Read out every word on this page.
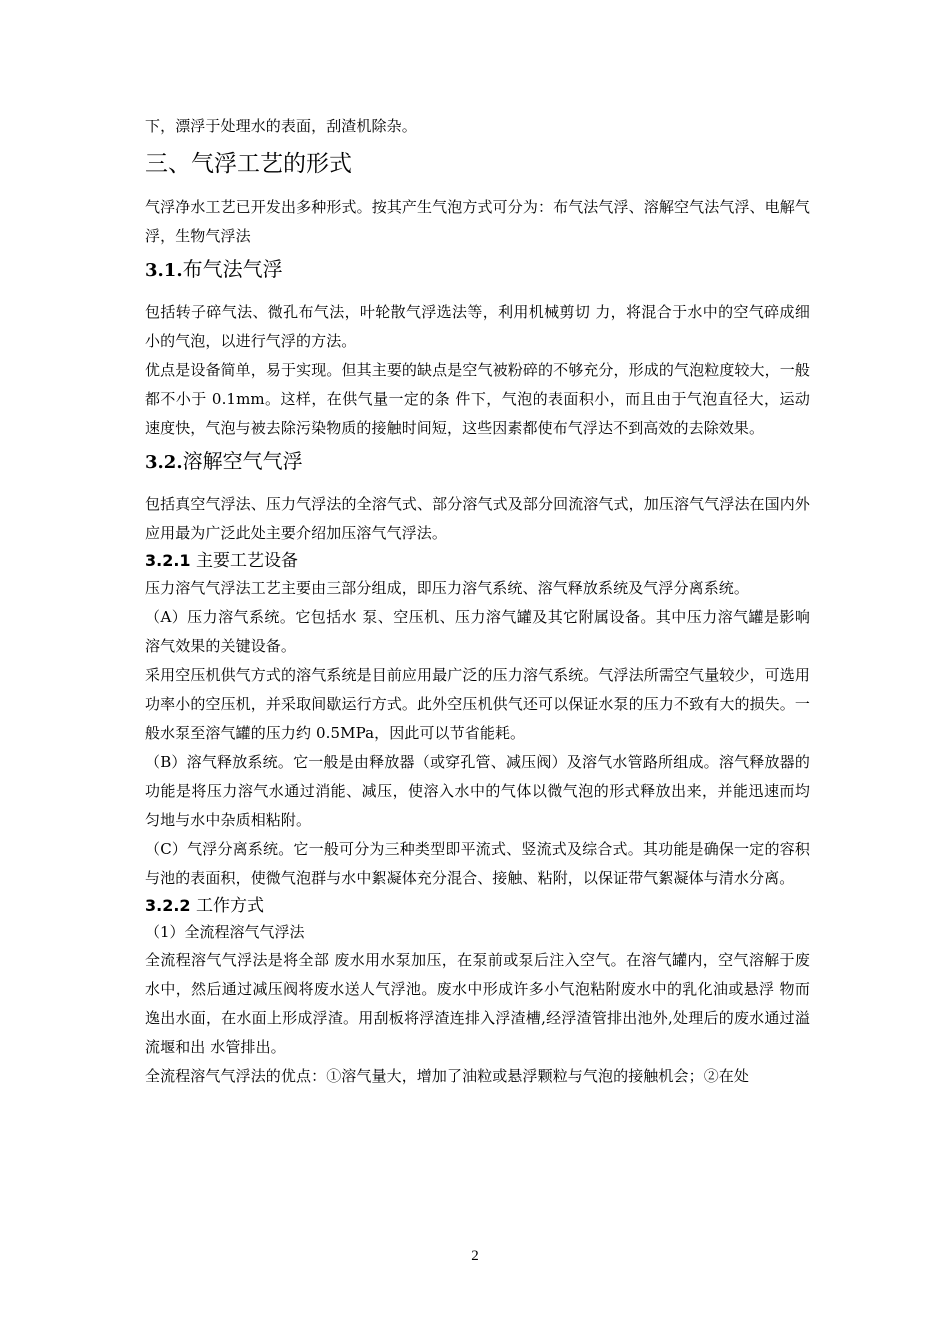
下，漂浮于处理水的表面，刮渣机除杂。

三、气浮工艺的形式

气浮净水工艺已开发出多种形式。按其产生气泡方式可分为：布气法气浮、溶解空气法气浮、电解气浮，生物气浮法

3.1.布气法气浮

包括转子碎气法、微孔布气法，叶轮散气浮选法等，利用机械剪切 力，将混合于水中的空气碎成细小的气泡，以进行气浮的方法。

优点是设备简单，易于实现。但其主要的缺点是空气被粉碎的不够充分，形成的气泡粒度较大，一般都不小于 0.1mm。这样，在供气量一定的条 件下，气泡的表面积小，而且由于气泡直径大，运动速度快，气泡与被去除污染物质的接触时间短，这些因素都使布气浮达不到高效的去除效果。

3.2.溶解空气气浮

包括真空气浮法、压力气浮法的全溶气式、部分溶气式及部分回流溶气式，加压溶气气浮法在国内外应用最为广泛此处主要介绍加压溶气气浮法。

3.2.1 主要工艺设备

压力溶气气浮法工艺主要由三部分组成，即压力溶气系统、溶气释放系统及气浮分离系统。

（A）压力溶气系统。它包括水 泵、空压机、压力溶气罐及其它附属设备。其中压力溶气罐是影响溶气效果的关键设备。

采用空压机供气方式的溶气系统是目前应用最广泛的压力溶气系统。气浮法所需空气量较少，可选用功率小的空压机，并采取间歇运行方式。此外空压机供气还可以保证水泵的压力不致有大的损失。一般水泵至溶气罐的压力约 0.5MPa，因此可以节省能耗。

（B）溶气释放系统。它一般是由释放器（或穿孔管、减压阀）及溶气水管路所组成。溶气释放器的功能是将压力溶气水通过消能、减压，使溶入水中的气体以微气泡的形式释放出来，并能迅速而均 匀地与水中杂质相粘附。

（C）气浮分离系统。它一般可分为三种类型即平流式、竖流式及综合式。其功能是确保一定的容积与池的表面积，使微气泡群与水中絮凝体充分混合、接触、粘附，以保证带气絮凝体与清水分离。

3.2.2 工作方式
（1）全流程溶气气浮法

全流程溶气气浮法是将全部 废水用水泵加压，在泵前或泵后注入空气。在溶气罐内，空气溶解于废水中，然后通过减压阀将废水送人气浮池。废水中形成许多小气泡粘附废水中的乳化油或悬浮 物而逸出水面，在水面上形成浮渣。用刮板将浮渣连排入浮渣槽,经浮渣管排出池外,处理后的废水通过溢流堰和出 水管排出。

全流程溶气气浮法的优点：①溶气量大，增加了油粒或悬浮颗粒与气泡的接触机会；②在处

2
